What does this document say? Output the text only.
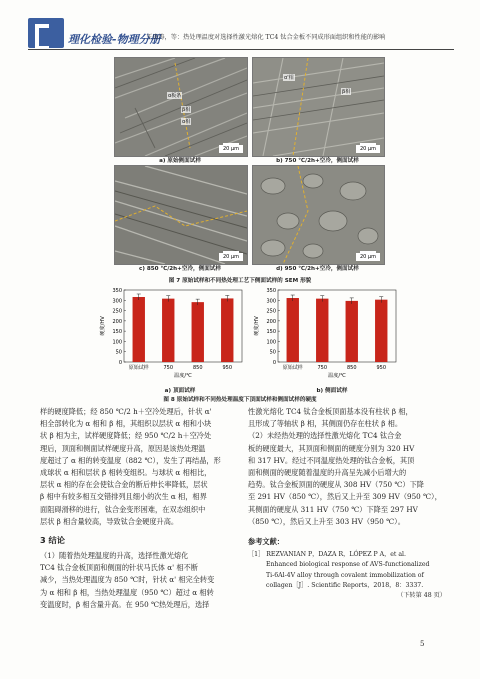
理化检验-物理分册
王贵涛，等：热处理温度对选择性激光熔化 TC4 钛合金板不同成形面组织和性能的影响
α板条
β相
α相
20 μm
α'相
β相
20 μm
a) 原始侧面试样	b) 750 ℃/2h+空冷，侧面试样
20 μm	20 μm
c) 850 ℃/2h+空冷，侧面试样	d) 950 ℃/2h+空冷，侧面试样
图 7 原始试样和不同热处理工艺下侧面试样的 SEM 形貌
0
50
100
150
200
250
300
350
硬度/HV
原始试样	750	850	950
温度/℃
0
50
100
150
200
250
300
350
硬度/HV
原始试样	750	850	950
温度/℃
a) 顶面试样	b) 侧面试样
图 8 原始试样和不同热处理温度下顶面试样和侧面试样的硬度
样的硬度降低；经 850 ℃/2 h＋空冷处理后，针状 α'
相全部转化为 α 相和 β 相，其组织以层状 α 相和小块
状 β 相为主，试样硬度降低；经 950 ℃/2 h＋空冷处
理后，顶面和侧面试样硬度升高，原因是该热处理温
度超过了 α 相的转变温度（882 ℃），发生了再结晶，形
成球状 α 相和层状 β 相转变组织。与球状 α 相相比，
层状 α 相的存在会使钛合金的断后伸长率降低，层状
β 相中有较多相互交错排列且细小的次生 α 相，相界
面阻碍滑移的进行，钛合金变形困难，在双态组织中
层状 β 相含量较高，导致钛合金硬度升高。
3 结论
（1）随着热处理温度的升高，选择性激光熔化
TC4 钛合金板顶面和侧面的针状马氏体 α' 相不断
减少，当热处理温度为 850 ℃时，针状 α' 相完全转变
为 α 相和 β 相，当热处理温度（950 ℃）超过 α 相转
变温度时，β 相含量升高。在 950 ℃热处理后，选择
性激光熔化 TC4 钛合金板顶面基本没有柱状 β 相，
且形成了等轴状 β 相，其侧面仍存在柱状 β 相。
（2）未经热处理的选择性激光熔化 TC4 钛合金
板的硬度最大，其顶面和侧面的硬度分别为 320 HV
和 317 HV。经过不同温度热处理的钛合金板，其顶
面和侧面的硬度随着温度的升高呈先减小后增大的
趋势。钛合金板顶面的硬度从 308 HV（750 ℃）下降
至 291 HV（850 ℃），然后又上升至 309 HV（950 ℃），
其侧面的硬度从 311 HV（750 ℃）下降至 297 HV
（850 ℃），然后又上升至 303 HV（950 ℃）。
参考文献：
［1］ REZVANIAN P，DAZA R，LÓPEZ P A，et al.
Enhanced biological response of AVS-functionalized
Ti-6Al-4V alloy through covalent immobilization of
collagen［J］. Scientific Reports，2018，8：3337.
（下转第 48 页）
5
